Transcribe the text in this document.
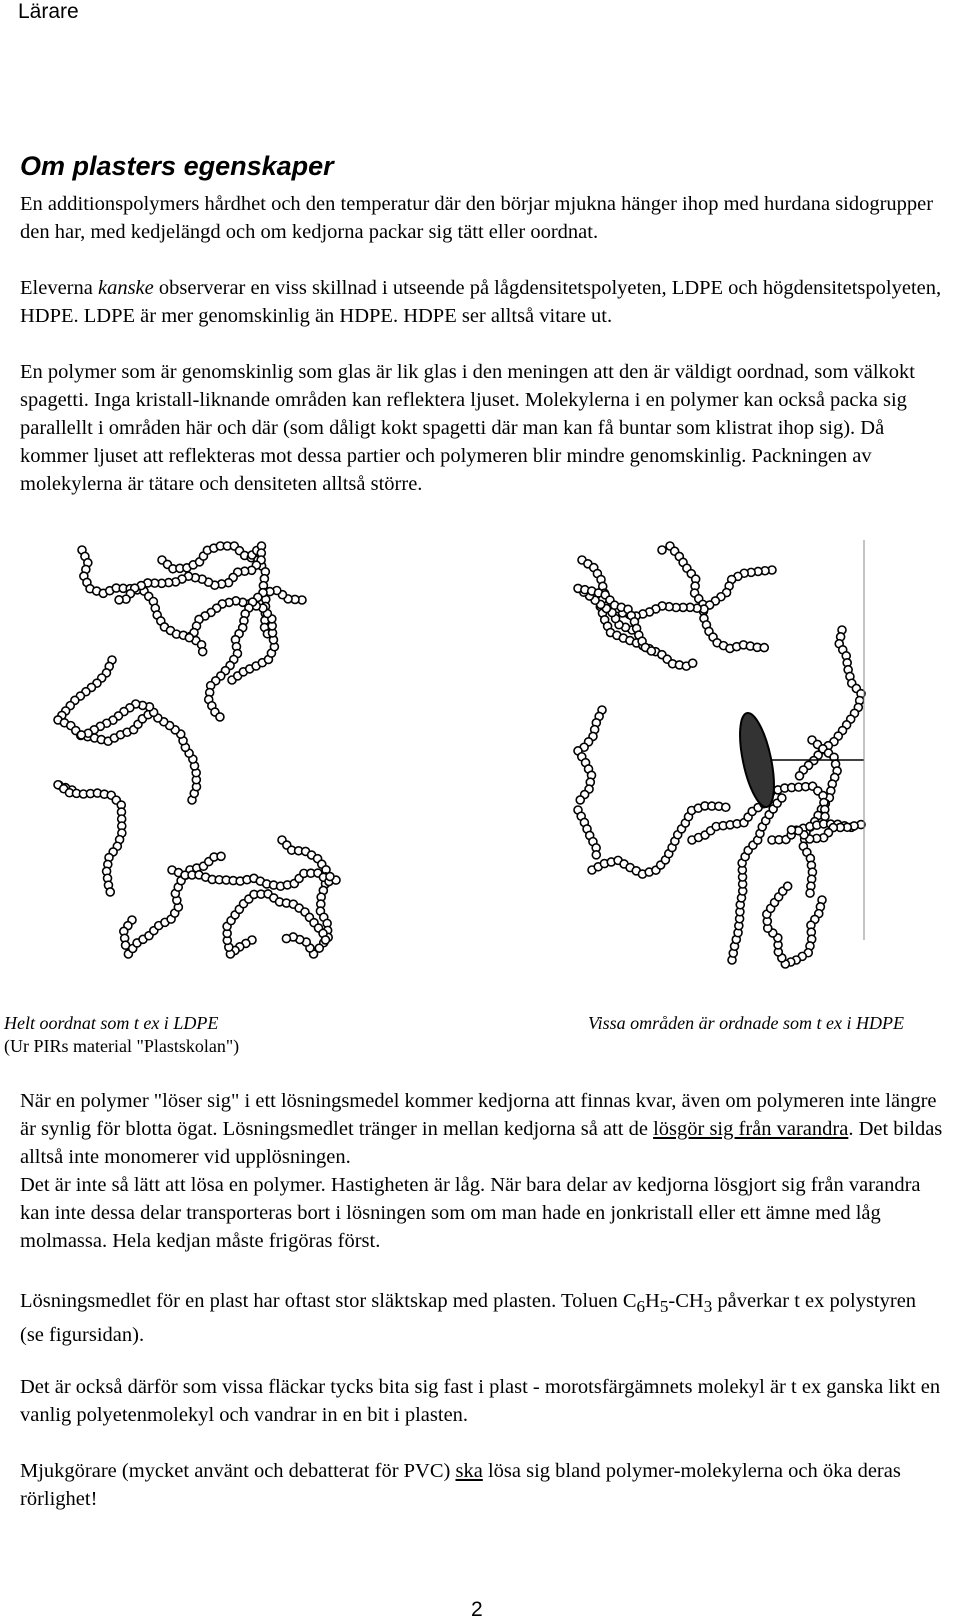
Lärare
Om plasters egenskaper

En additionspolymers hårdhet och den temperatur där den börjar mjukna hänger ihop med hurdana sidogrupper den har, med kedjelängd och om kedjorna packar sig tätt eller oordnat.

Eleverna kanske observerar en viss skillnad i utseende på lågdensitetspolyeten, LDPE och högdensitetspolyeten, HDPE. LDPE är mer genomskinlig än HDPE. HDPE ser alltså vitare ut.

En polymer som är genomskinlig som glas är lik glas i den meningen att den är väldigt oordnad, som välkokt spagetti. Inga kristall-liknande områden kan reflektera ljuset. Molekylerna i en polymer kan också packa sig parallellt i områden här och där (som dåligt kokt spagetti där man kan få buntar som klistrat ihop sig). Då kommer ljuset att reflekteras mot dessa partier och polymeren blir mindre genomskinlig. Packningen av molekylerna är tätare och densiteten alltså större.

Helt oordnat som t ex i LDPE	Vissa områden är ordnade som t ex i HDPE
(Ur PIRs material "Plastskolan")

När en polymer "löser sig" i ett lösningsmedel kommer kedjorna att finnas kvar, även om polymeren inte längre är synlig för blotta ögat. Lösningsmedlet tränger in mellan kedjorna så att de lösgör sig från varandra. Det bildas alltså inte monomerer vid upplösningen.

Det är inte så lätt att lösa en polymer. Hastigheten är låg. När bara delar av kedjorna lösgjort sig från varandra kan inte dessa delar transporteras bort i lösningen som om man hade en jonkristall eller ett ämne med låg molmassa. Hela kedjan måste frigöras först.

Lösningsmedlet för en plast har oftast stor släktskap med plasten. Toluen $C_6H_5-CH_3$ påverkar t ex polystyren (se figursidan).

Det är också därför som vissa fläckar tycks bita sig fast i plast - morotsfärgämnets molekyl är t ex ganska likt en vanlig polyetenmolekyl och vandrar in en bit i plasten.

Mjukgörare (mycket använt och debatterat för PVC) ska lösa sig bland polymer-molekylerna och öka deras rörlighet!

2
